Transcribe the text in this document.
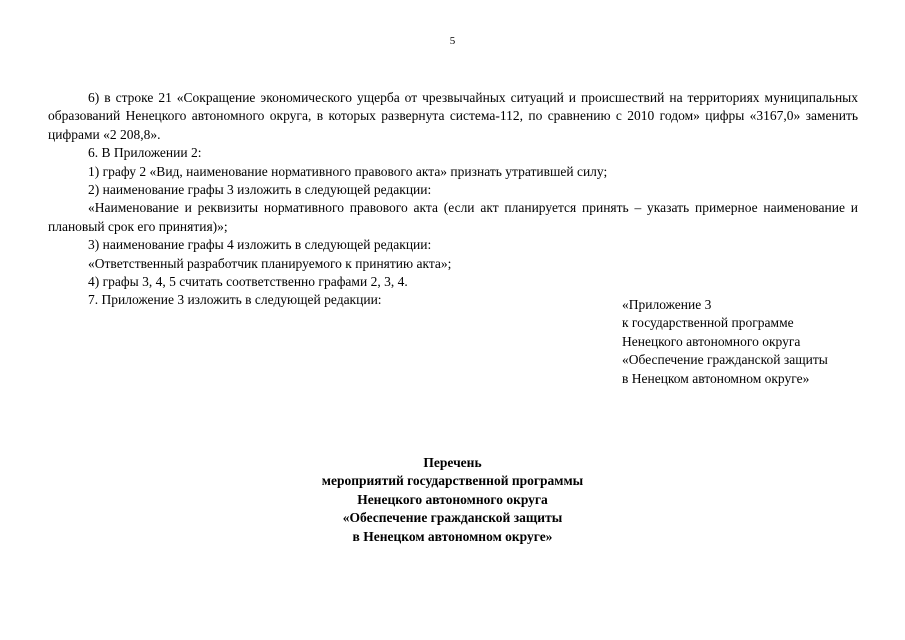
5

6) в строке 21 «Сокращение экономического ущерба от чрезвычайных ситуаций и происшествий на территориях муниципальных образований Ненецкого автономного округа, в которых развернута система-112, по сравнению с 2010 годом» цифры «3167,0» заменить цифрами «2 208,8».

6. В Приложении 2:

1) графу 2 «Вид, наименование нормативного правового акта» признать утратившей силу;

2) наименование графы 3 изложить в следующей редакции:

«Наименование и реквизиты нормативного правового акта (если акт планируется принять – указать примерное наименование и плановый срок его принятия)»;

3) наименование графы 4 изложить в следующей редакции:

«Ответственный разработчик планируемого к принятию акта»;

4) графы 3, 4, 5 считать соответственно графами 2, 3, 4.

7. Приложение 3 изложить в следующей редакции:	«Приложение 3
к государственной программе
Ненецкого автономного округа
«Обеспечение гражданской защиты
в Ненецком автономном округе»
Перечень
мероприятий государственной программы
Ненецкого автономного округа
«Обеспечение гражданской защиты
в Ненецком автономном округе»
